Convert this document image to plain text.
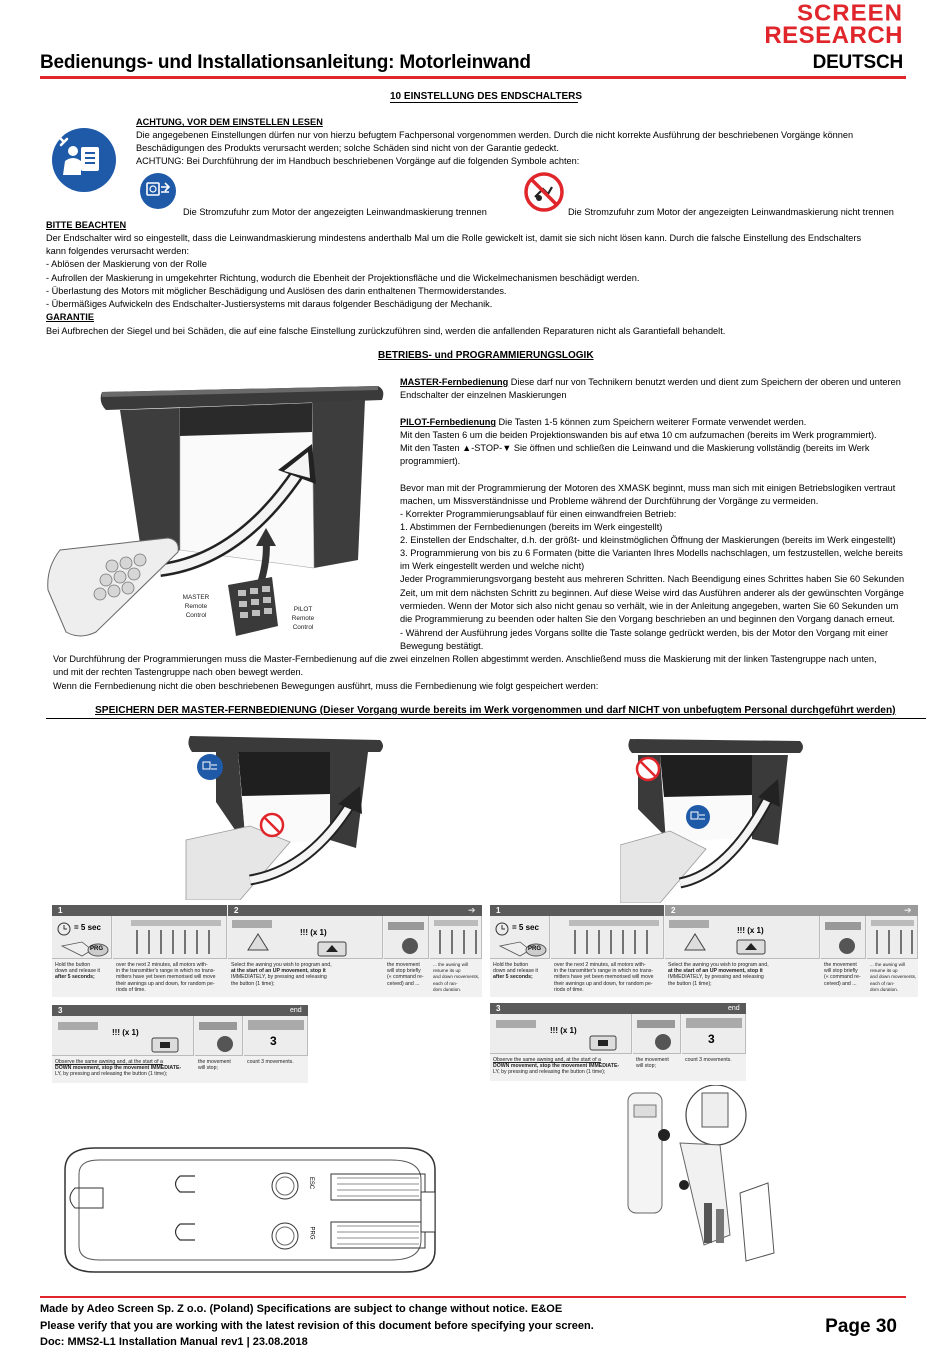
SCREEN
RESEARCH
Bedienungs- und Installationsanleitung: Motorleinwand	DEUTSCH
10 EINSTELLUNG DES ENDSCHALTERS
ACHTUNG, VOR DEM EINSTELLEN LESEN
Die angegebenen Einstellungen dürfen nur von hierzu befugtem Fachpersonal vorgenommen werden. Durch die nicht korrekte Ausführung der beschriebenen Vorgänge können
Beschädigungen des Produkts verursacht werden; solche Schäden sind nicht von der Garantie gedeckt.
ACHTUNG: Bei Durchführung der im Handbuch beschriebenen Vorgänge auf die folgenden Symbole achten:
Die Stromzufuhr zum Motor der angezeigten Leinwandmaskierung trennen	Die Stromzufuhr zum Motor der angezeigten Leinwandmaskierung nicht trennen
BITTE BEACHTEN
Der Endschalter wird so eingestellt, dass die Leinwandmaskierung mindestens anderthalb Mal um die Rolle gewickelt ist, damit sie sich nicht lösen kann. Durch die falsche Einstellung des Endschalters
kann folgendes verursacht werden:
- Ablösen der Maskierung von der Rolle
- Aufrollen der Maskierung in umgekehrter Richtung, wodurch die Ebenheit der Projektionsfläche und die Wickelmechanismen beschädigt werden.
- Überlastung des Motors mit möglicher Beschädigung und Auslösen des darin enthaltenen Thermowiderstandes.
- Übermäßiges Aufwickeln des Endschalter-Justiersystems mit daraus folgender Beschädigung der Mechanik.
GARANTIE
Bei Aufbrechen der Siegel und bei Schäden, die auf eine falsche Einstellung zurückzuführen sind, werden die anfallenden Reparaturen nicht als Garantiefall behandelt.
BETRIEBS- und PROGRAMMIERUNGSLOGIK
MASTER
Remote
Control
PILOT
Remote
Control
MASTER-Fernbedienung Diese darf nur von Technikern benutzt werden und dient zum Speichern der oberen und unteren
Endschalter der einzelnen Maskierungen
PILOT-Fernbedienung Die Tasten 1-5 können zum Speichern weiterer Formate verwendet werden.
Mit den Tasten 6 um die beiden Projektionswanden bis auf etwa 10 cm aufzumachen (bereits im Werk programmiert).
Mit den Tasten ▲-STOP-▼ Sie öffnen und schließen die Leinwand und die Maskierung vollständig (bereits im Werk
programmiert).
Bevor man mit der Programmierung der Motoren des XMASK beginnt, muss man sich mit einigen Betriebslogiken vertraut
machen, um Missverständnisse und Probleme während der Durchführung der Vorgänge zu vermeiden.
- Korrekter Programmierungsablauf für einen einwandfreien Betrieb:
1. Abstimmen der Fernbedienungen (bereits im Werk eingestellt)
2. Einstellen der Endschalter, d.h. der größt- und kleinstmöglichen Öffnung der Maskierungen (bereits im Werk eingestellt)
3. Programmierung von bis zu 6 Formaten (bitte die Varianten Ihres Modells nachschlagen, um festzustellen, welche bereits
im Werk eingestellt werden und welche nicht)
Jeder Programmierungsvorgang besteht aus mehreren Schritten. Nach Beendigung eines Schrittes haben Sie 60 Sekunden
Zeit, um mit dem nächsten Schritt zu beginnen. Auf diese Weise wird das Ausführen anderer als der gewünschten Vorgänge
vermieden. Wenn der Motor sich also nicht genau so verhält, wie in der Anleitung angegeben, warten Sie 60 Sekunden um
die Programmierung zu beenden oder halten Sie den Vorgang beschrieben an und beginnen den Vorgang danach erneut.
- Während der Ausführung jedes Vorgans sollte die Taste solange gedrückt werden, bis der Motor den Vorgang mit einer
Bewegung bestätigt.
Vor Durchführung der Programmierungen muss die Master-Fernbedienung auf die zwei einzelnen Rollen abgestimmt werden. Anschließend muss die Maskierung mit der linken Tastengruppe nach unten,
und mit der rechten Tastengruppe nach oben bewegt werden.
Wenn die Fernbedienung nicht die oben beschriebenen Bewegungen ausführt, muss die Fernbedienung wie folgt gespeichert werden:
SPEICHERN DER MASTER-FERNBEDIENUNG (Dieser Vorgang wurde bereits im Werk vorgenommen und darf NICHT von unbefugtem Personal durchgeführt werden)
1	2	➔
= 5 sec
PRG
!!! (x 1)
Hold the button
down and release it
after 5 seconds;
over the next 2 minutes, all motors with-
in the transmitter's range in which no trans-
mitters have yet been memorised will move
their awnings up and down, for random pe-
riods of time.
Select the awning you wish to program and,
at the start of an UP movement, stop it
IMMEDIATELY, by pressing and releasing
the button (1 time);
the movement
will stop briefly
(« command re-
ceived) and ...
... the awning will resume its up
and down movements, each of ran-
dom duration.
3	end
!!! (x 1)
3
Observe the same awning and, at the start of a
DOWN movement, stop the movement IMMEDIATE-
LY, by pressing and releasing the button (1 time);
the movement
will stop;
count 3 movements.
1	2	➔
= 5 sec
PRG
!!! (x 1)
Hold the button
down and release it
after 5 seconds;
over the next 2 minutes, all motors with-
in the transmitter's range in which no trans-
mitters have yet been memorised will move
their awnings up and down, for random pe-
riods of time.
Select the awning you wish to program and,
at the start of an UP movement, stop it
IMMEDIATELY, by pressing and releasing
the button (1 time);
the movement
will stop briefly
(« command re-
ceived) and ...
... the awning will resume its up
and down movements, each of ran-
dom duration.
3	end
!!! (x 1)
3
Observe the same awning and, at the start of a
DOWN movement, stop the movement IMMEDIATE-
LY, by pressing and releasing the button (1 time);
the movement
will stop;
count 3 movements.
ESC
PRG
Made by Adeo Screen Sp. Z o.o. (Poland) Specifications are subject to change without notice. E&OE
Please verify that you are working with the latest revision of this document before specifying your screen.
Doc: MMS2-L1 Installation Manual rev1 | 23.08.2018
Page 30
